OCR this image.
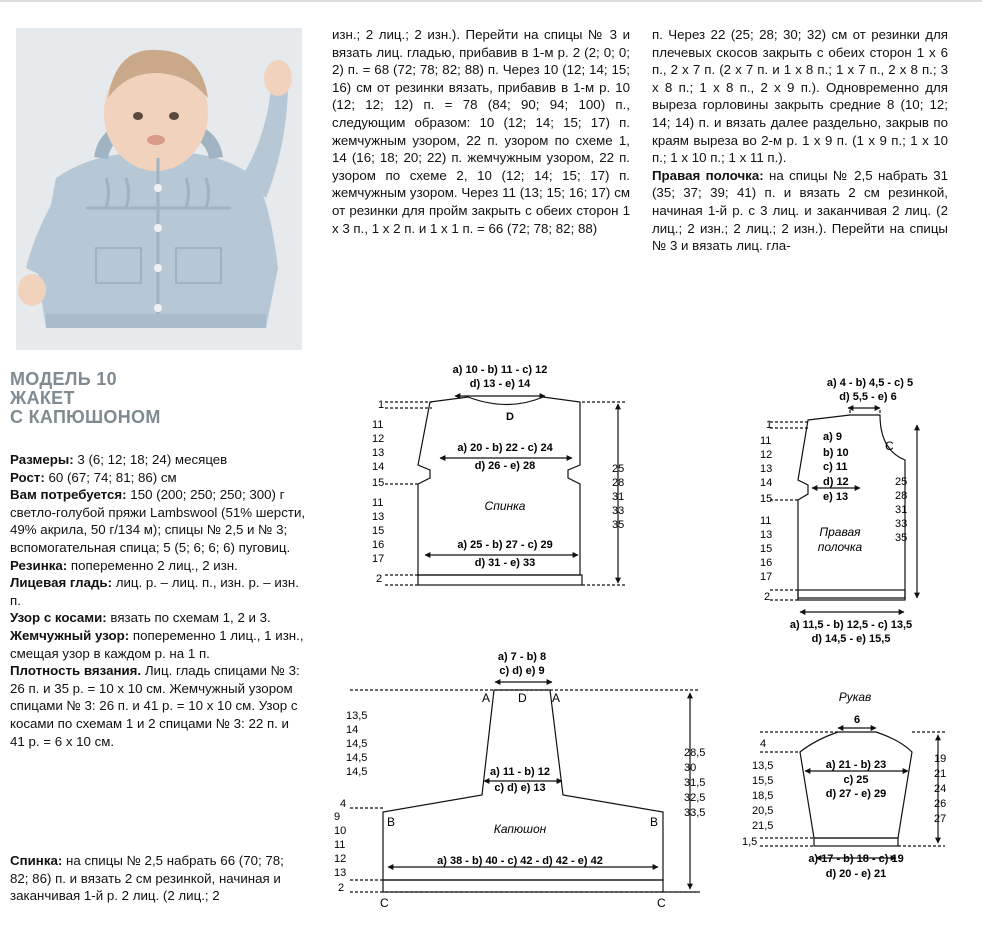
МОДЕЛЬ 10
ЖАКЕТ
С КАПЮШОНОМ

Размеры: 3 (6; 12; 18; 24) месяцев

Рост: 60 (67; 74; 81; 86) см

Вам потребуется: 150 (200; 250; 250; 300) г светло-голубой пряжи Lambswool (51% шерсти, 49% акрила, 50 г/134 м); спицы № 2,5 и № 3; вспомогательная спица; 5 (5; 6; 6; 6) пуговиц.

Резинка: попеременно 2 лиц., 2 изн.

Лицевая гладь: лиц. р. – лиц. п., изн. р. – изн. п.

Узор с косами: вязать по схемам 1, 2 и 3.

Жемчужный узор: попеременно 1 лиц., 1 изн., смещая узор в каждом р. на 1 п.

Плотность вязания. Лиц. гладь спицами № 3: 26 п. и 35 р. = 10 х 10 см. Жемчужный узором спицами № 3: 26 п. и 41 р. = 10 х 10 см. Узор с косами по схемам 1 и 2 спицами № 3: 22 п. и 41 р. = 6 х 10 см.

Спинка: на спицы № 2,5 набрать 66 (70; 78; 82; 86) п. и вязать 2 см резинкой, начиная и заканчивая 1-й р. 2 лиц. (2 лиц.; 2
изн.; 2 лиц.; 2 изн.). Перейти на спицы № 3 и вязать лиц. гладью, прибавив в 1-м р. 2 (2; 0; 0; 2) п. = 68 (72; 78; 82; 88) п. Через 10 (12; 14; 15; 16) см от резинки вязать, прибавив в 1-м р. 10 (12; 12; 12) п. = 78 (84; 90; 94; 100) п., следующим образом: 10 (12; 14; 15; 17) п. жемчужным узором, 22 п. узором по схеме 1, 14 (16; 18; 20; 22) п. жемчужным узором, 22 п. узором по схеме 2, 10 (12; 14; 15; 17) п. жемчужным узором. Через 11 (13; 15; 16; 17) см от резинки для пройм закрыть с обеих сторон 1 х 3 п., 1 х 2 п. и 1 х 1 п. = 66 (72; 78; 82; 88)

п. Через 22 (25; 28; 30; 32) см от резинки для плечевых скосов закрыть с обеих сторон 1 х 6 п., 2 х 7 п. (2 х 7 п. и 1 х 8 п.; 1 х 7 п., 2 х 8 п.; 3 х 8 п.; 1 х 8 п., 2 х 9 п.). Одновременно для выреза горловины закрыть средние 8 (10; 12; 14; 14) п. и вязать далее раздельно, закрыв по краям выреза во 2-м р. 1 х 9 п. (1 х 9 п.; 1 х 10 п.; 1 х 10 п.; 1 х 11 п.).

Правая полочка: на спицы № 2,5 набрать 31 (35; 37; 39; 41) п. и вязать 2 см резинкой, начиная 1-й р. с 3 лиц. и заканчивая 2 лиц. (2 лиц.; 2 изн.; 2 лиц.; 2 изн.). Перейти на спицы № 3 и вязать лиц. гла-

а) 10 - b) 11 - c) 12
d) 13 - e) 14
D
а) 20 - b) 22 - c) 24
d) 26 - e) 28
Спинка
а) 25 - b) 27 - c) 29
d) 31 - e) 33
1
11
12
13
14
15
11
13
15
16
17
2
25
28
31
33
35
а) 4 - b) 4,5 - c) 5
d) 5,5 - e) 6
а) 9
b) 10
c) 11
d) 12
e) 13
C
Правая
полочка
1
11
12
13
14
15
11
13
15
16
17
2
25
28
31
33
35
а) 11,5 - b) 12,5 - c) 13,5
d) 14,5 - e) 15,5
а) 7 - b) 8
c) d) e) 9
A D A
а) 11 - b) 12
c) d) e) 13
B	B
Капюшон
а) 38 - b) 40 - c) 42 - d) 42 - e) 42
C	C
13,5
14
14,5
14,5
14,5
4
9
10
11
12
13
2
28,5
30
31,5
32,5
33,5
Рукав
6
а) 21 - b) 23
c) 25
d) 27 - e) 29
4
13,5
15,5
18,5
20,5
21,5
1,5
19
21
24
26
27
а) 17 - b) 18 - c) 19
d) 20 - e) 21
